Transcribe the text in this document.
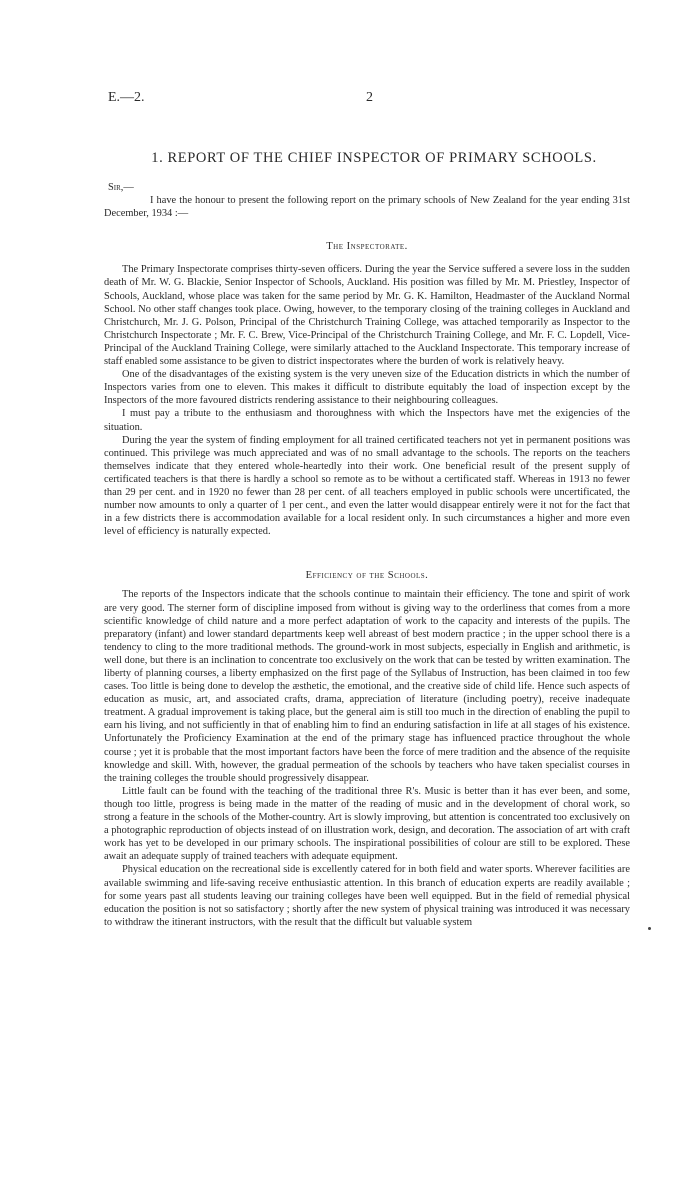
E.—2.	2
1. REPORT OF THE CHIEF INSPECTOR OF PRIMARY SCHOOLS.

Sir,—

I have the honour to present the following report on the primary schools of New Zealand for the year ending 31st December, 1934 :—

The Inspectorate.

The Primary Inspectorate comprises thirty-seven officers. During the year the Service suffered a severe loss in the sudden death of Mr. W. G. Blackie, Senior Inspector of Schools, Auckland. His position was filled by Mr. M. Priestley, Inspector of Schools, Auckland, whose place was taken for the same period by Mr. G. K. Hamilton, Headmaster of the Auckland Normal School. No other staff changes took place. Owing, however, to the temporary closing of the training colleges in Auckland and Christchurch, Mr. J. G. Polson, Principal of the Christchurch Training College, was attached temporarily as Inspector to the Christchurch Inspectorate ; Mr. F. C. Brew, Vice-Principal of the Christchurch Training College, and Mr. F. C. Lopdell, Vice-Principal of the Auckland Training College, were similarly attached to the Auckland Inspectorate. This temporary increase of staff enabled some assistance to be given to district inspectorates where the burden of work is relatively heavy.

One of the disadvantages of the existing system is the very uneven size of the Education districts in which the number of Inspectors varies from one to eleven. This makes it difficult to distribute equitably the load of inspection except by the Inspectors of the more favoured districts rendering assistance to their neighbouring colleagues.

I must pay a tribute to the enthusiasm and thoroughness with which the Inspectors have met the exigencies of the situation.

During the year the system of finding employment for all trained certificated teachers not yet in permanent positions was continued. This privilege was much appreciated and was of no small advantage to the schools. The reports on the teachers themselves indicate that they entered whole-heartedly into their work. One beneficial result of the present supply of certificated teachers is that there is hardly a school so remote as to be without a certificated staff. Whereas in 1913 no fewer than 29 per cent. and in 1920 no fewer than 28 per cent. of all teachers employed in public schools were uncertificated, the number now amounts to only a quarter of 1 per cent., and even the latter would disappear entirely were it not for the fact that in a few districts there is accommodation available for a local resident only. In such circumstances a higher and more even level of efficiency is naturally expected.

Efficiency of the Schools.

The reports of the Inspectors indicate that the schools continue to maintain their efficiency. The tone and spirit of work are very good. The sterner form of discipline imposed from without is giving way to the orderliness that comes from a more scientific knowledge of child nature and a more perfect adaptation of work to the capacity and interests of the pupils. The preparatory (infant) and lower standard departments keep well abreast of best modern practice ; in the upper school there is a tendency to cling to the more traditional methods. The ground-work in most subjects, especially in English and arithmetic, is well done, but there is an inclination to concentrate too exclusively on the work that can be tested by written examination. The liberty of planning courses, a liberty emphasized on the first page of the Syllabus of Instruction, has been claimed in too few cases. Too little is being done to develop the æsthetic, the emotional, and the creative side of child life. Hence such aspects of education as music, art, and associated crafts, drama, appreciation of literature (including poetry), receive inadequate treatment. A gradual improvement is taking place, but the general aim is still too much in the direction of enabling the pupil to earn his living, and not sufficiently in that of enabling him to find an enduring satisfaction in life at all stages of his existence. Unfortunately the Proficiency Examination at the end of the primary stage has influenced practice throughout the whole course ; yet it is probable that the most important factors have been the force of mere tradition and the absence of the requisite knowledge and skill. With, however, the gradual permeation of the schools by teachers who have taken specialist courses in the training colleges the trouble should progressively disappear.

Little fault can be found with the teaching of the traditional three R's. Music is better than it has ever been, and some, though too little, progress is being made in the matter of the reading of music and in the development of choral work, so strong a feature in the schools of the Mother-country. Art is slowly improving, but attention is concentrated too exclusively on a photographic reproduction of objects instead of on illustration work, design, and decoration. The association of art with craft work has yet to be developed in our primary schools. The inspirational possibilities of colour are still to be explored. These await an adequate supply of trained teachers with adequate equipment.

Physical education on the recreational side is excellently catered for in both field and water sports. Wherever facilities are available swimming and life-saving receive enthusiastic attention. In this branch of education experts are readily available ; for some years past all students leaving our training colleges have been well equipped. But in the field of remedial physical education the position is not so satisfactory ; shortly after the new system of physical training was introduced it was necessary to withdraw the itinerant instructors, with the result that the difficult but valuable system
